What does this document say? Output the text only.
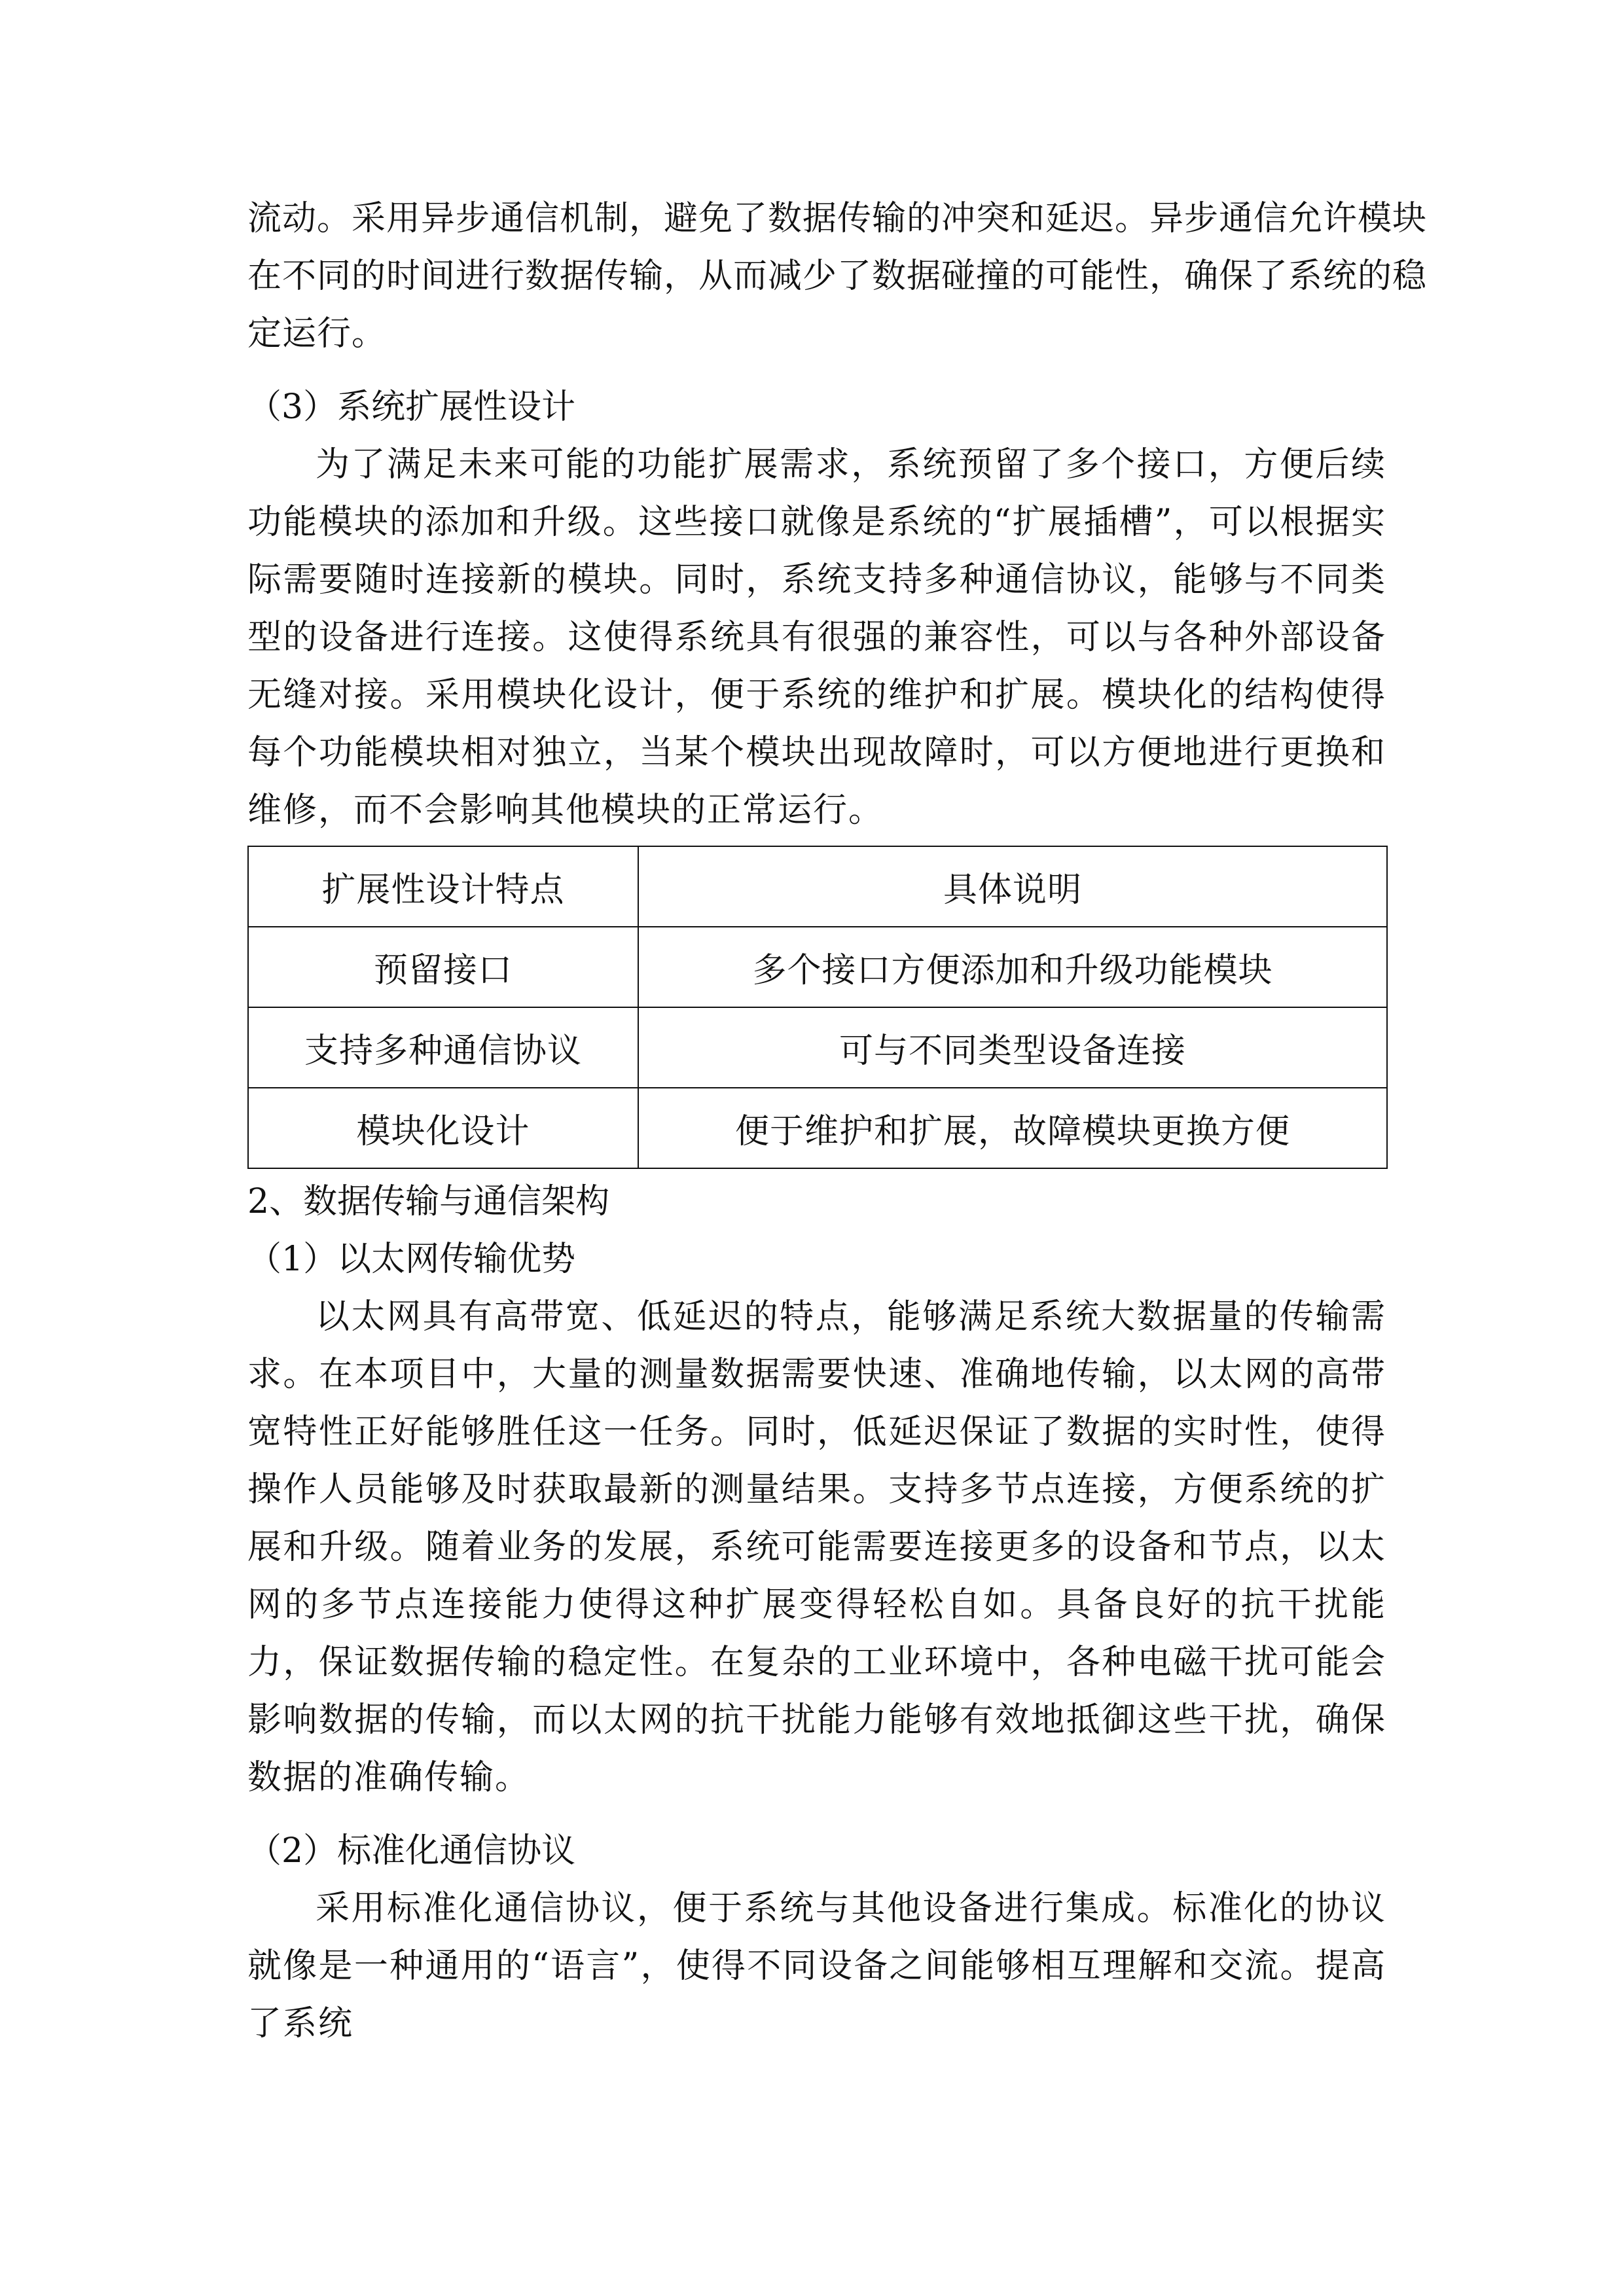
流动。采用异步通信机制，避免了数据传输的冲突和延迟。异步通信允许模块
在不同的时间进行数据传输，从而减少了数据碰撞的可能性，确保了系统的稳
定运行。
（3）系统扩展性设计

为了满足未来可能的功能扩展需求，系统预留了多个接口，方便后续功能模块的添加和升级。这些接口就像是系统的“扩展插槽”，可以根据实际需要随时连接新的模块。同时，系统支持多种通信协议，能够与不同类型的设备进行连接。这使得系统具有很强的兼容性，可以与各种外部设备无缝对接。采用模块化设计，便于系统的维护和扩展。模块化的结构使得每个功能模块相对独立，当某个模块出现故障时，可以方便地进行更换和维修，而不会影响其他模块的正常运行。

扩展性设计特点	具体说明
预留接口	多个接口方便添加和升级功能模块
支持多种通信协议	可与不同类型设备连接
模块化设计	便于维护和扩展，故障模块更换方便
2、数据传输与通信架构
（1）以太网传输优势

以太网具有高带宽、低延迟的特点，能够满足系统大数据量的传输需求。在本项目中，大量的测量数据需要快速、准确地传输，以太网的高带宽特性正好能够胜任这一任务。同时，低延迟保证了数据的实时性，使得操作人员能够及时获取最新的测量结果。支持多节点连接，方便系统的扩展和升级。随着业务的发展，系统可能需要连接更多的设备和节点，以太网的多节点连接能力使得这种扩展变得轻松自如。具备良好的抗干扰能力，保证数据传输的稳定性。在复杂的工业环境中，各种电磁干扰可能会影响数据的传输，而以太网的抗干扰能力能够有效地抵御这些干扰，确保数据的准确传输。

（2）标准化通信协议

采用标准化通信协议，便于系统与其他设备进行集成。标准化的协议就像是一种通用的“语言”，使得不同设备之间能够相互理解和交流。提高了系统
